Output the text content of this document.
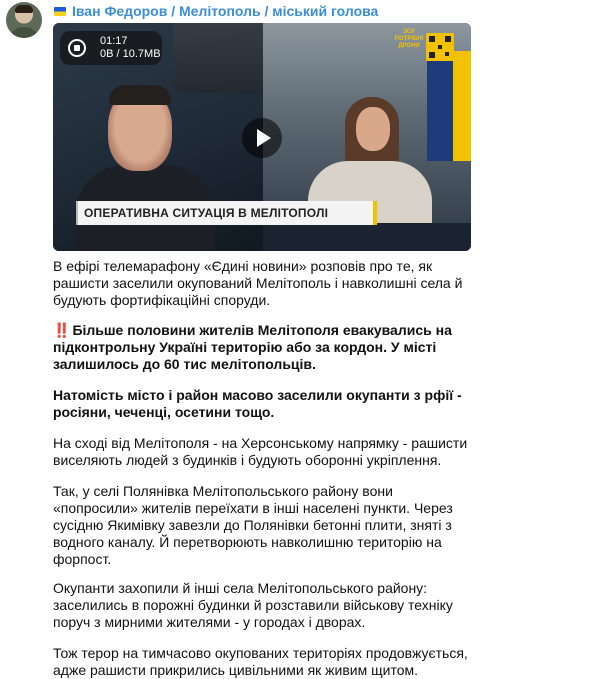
Іван Федоров / Мелітополь / міський голова
ЗСУ ПОТРІБНІ ДРОНИ
ОПЕРАТИВНА СИТУАЦІЯ В МЕЛІТОПОЛІ
01:17
0B / 10.7MB
В ефірі телемарафону «Єдині новини» розповів про те, як
рашисти заселили окупований Мелітополь і навколишні села й
будують фортифікаційні споруди.
‼️ Більше половини жителів Мелітополя евакувались на
підконтрольну Україні територію або за кордон. У місті
залишилось до 60 тис мелітопольців.
Натомість місто і район масово заселили окупанти з рфії -
росіяни, чеченці, осетини тощо.
На сході від Мелітополя - на Херсонському напрямку - рашисти
виселяють людей з будинків і будують оборонні укріплення.
Так, у селі Полянівка Мелітопольського району вони
«попросили» жителів переїхати в інші населені пункти. Через
сусідню Якимівку завезли до Полянівки бетонні плити, зняті з
водного каналу. Й перетворюють навколишню територію на
форпост.
Окупанти захопили й інші села Мелітопольського району:
заселились в порожні будинки й розставили військову техніку
поруч з мирними жителями - у городах і дворах.
Тож терор на тимчасово окупованих територіях продовжується,
адже рашисти прикрились цивільними як живим щитом.
